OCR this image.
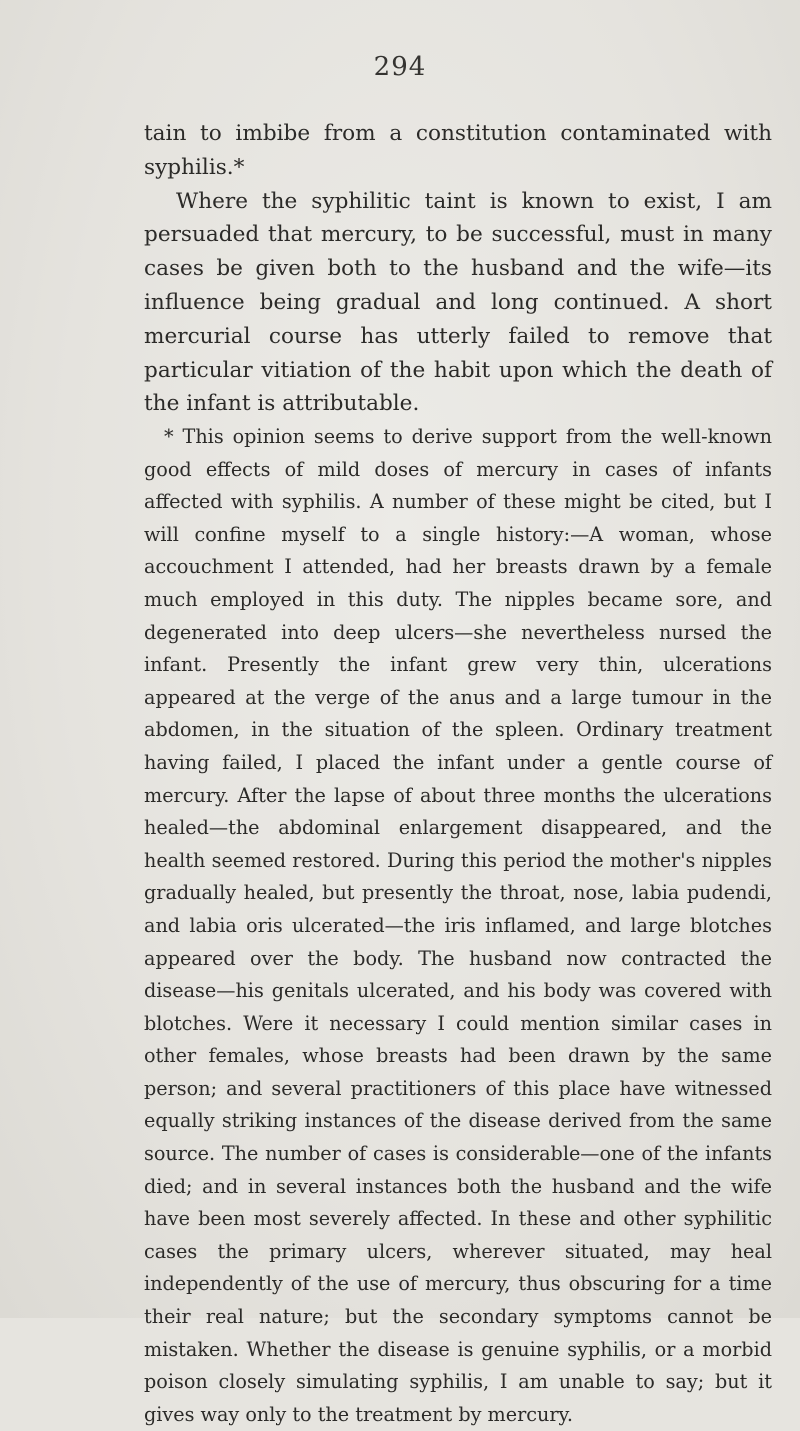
294

tain to imbibe from a constitution contaminated with syphilis.*

Where the syphilitic taint is known to exist, I am persuaded that mercury, to be successful, must in many cases be given both to the husband and the wife—its influence being gradual and long continued. A short mercurial course has utterly failed to remove that particular vitiation of the habit upon which the death of the infant is attributable.

* This opinion seems to derive support from the well-known good effects of mild doses of mercury in cases of infants affected with syphilis. A number of these might be cited, but I will confine myself to a single history:—A woman, whose accouchment I attended, had her breasts drawn by a female much employed in this duty. The nipples became sore, and degenerated into deep ulcers—she nevertheless nursed the infant. Presently the infant grew very thin, ulcerations appeared at the verge of the anus and a large tumour in the abdomen, in the situation of the spleen. Ordinary treatment having failed, I placed the infant under a gentle course of mercury. After the lapse of about three months the ulcerations healed—the abdominal enlargement disappeared, and the health seemed restored. During this period the mother's nipples gradually healed, but presently the throat, nose, labia pudendi, and labia oris ulcerated—the iris inflamed, and large blotches appeared over the body. The husband now contracted the disease—his genitals ulcerated, and his body was covered with blotches. Were it necessary I could mention similar cases in other females, whose breasts had been drawn by the same person; and several practitioners of this place have witnessed equally striking instances of the disease derived from the same source. The number of cases is considerable—one of the infants died; and in several instances both the husband and the wife have been most severely affected. In these and other syphilitic cases the primary ulcers, wherever situated, may heal independently of the use of mercury, thus obscuring for a time their real nature; but the secondary symptoms cannot be mistaken. Whether the disease is genuine syphilis, or a morbid poison closely simulating syphilis, I am unable to say; but it gives way only to the treatment by mercury.
